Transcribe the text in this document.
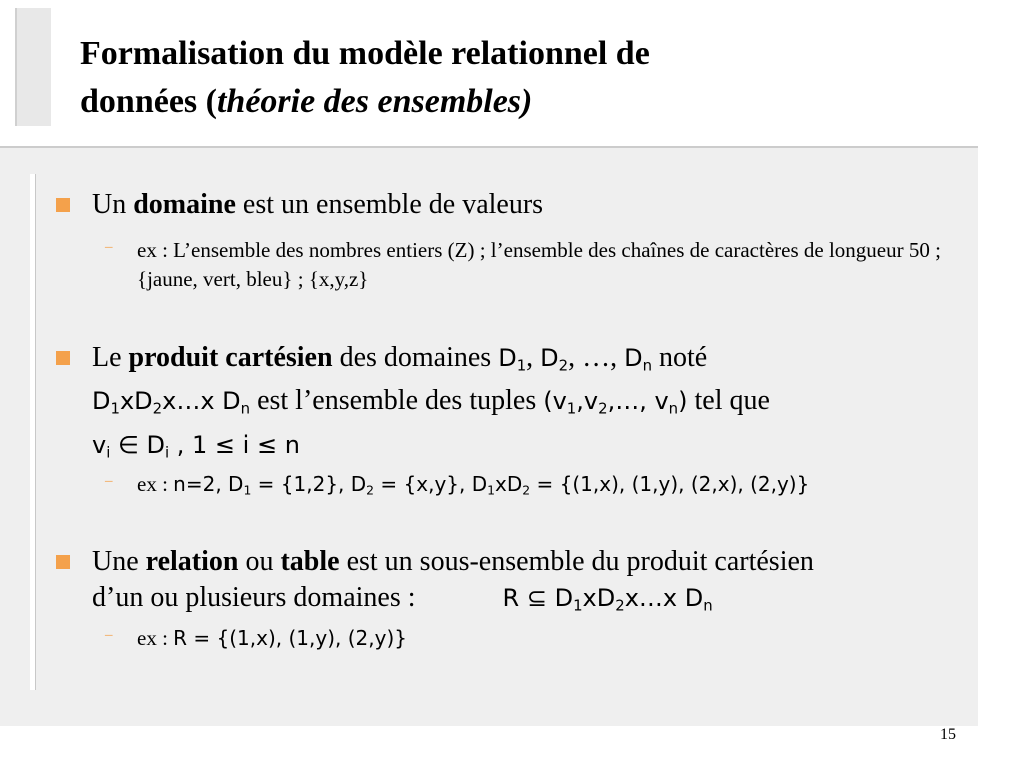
Formalisation du modèle relationnel de
données (théorie des ensembles)
Un domaine est un ensemble de valeurs
– ex : L’ensemble des nombres entiers (Z) ; l’ensemble des chaînes de caractères de longueur 50 ; {jaune, vert, bleu} ; {x,y,z}
Le produit cartésien des domaines $D_1$, $D_2$, …, $D_n$ noté
$D_1xD_2x\dots x$ $D_n$ est l’ensemble des tuples ($v_1,v_2,\dots$, $v_n$) tel que
$v_i$ ∈ $D_i$ , 1 ≤ i ≤ n
– ex : n=2, $D_1 = \{1,2\}$, $D_2 = \{x,y\}$, $D_1xD_2 = \{(1,x)$, (1,y), (2,x), (2,y)}
Une relation ou table est un sous-ensemble du produit cartésien
d’un ou plusieurs domaines :	R ⊆ $D_1xD_2x\dots x$ $D_n$
– ex : R = {(1,x), (1,y), (2,y)}
15
